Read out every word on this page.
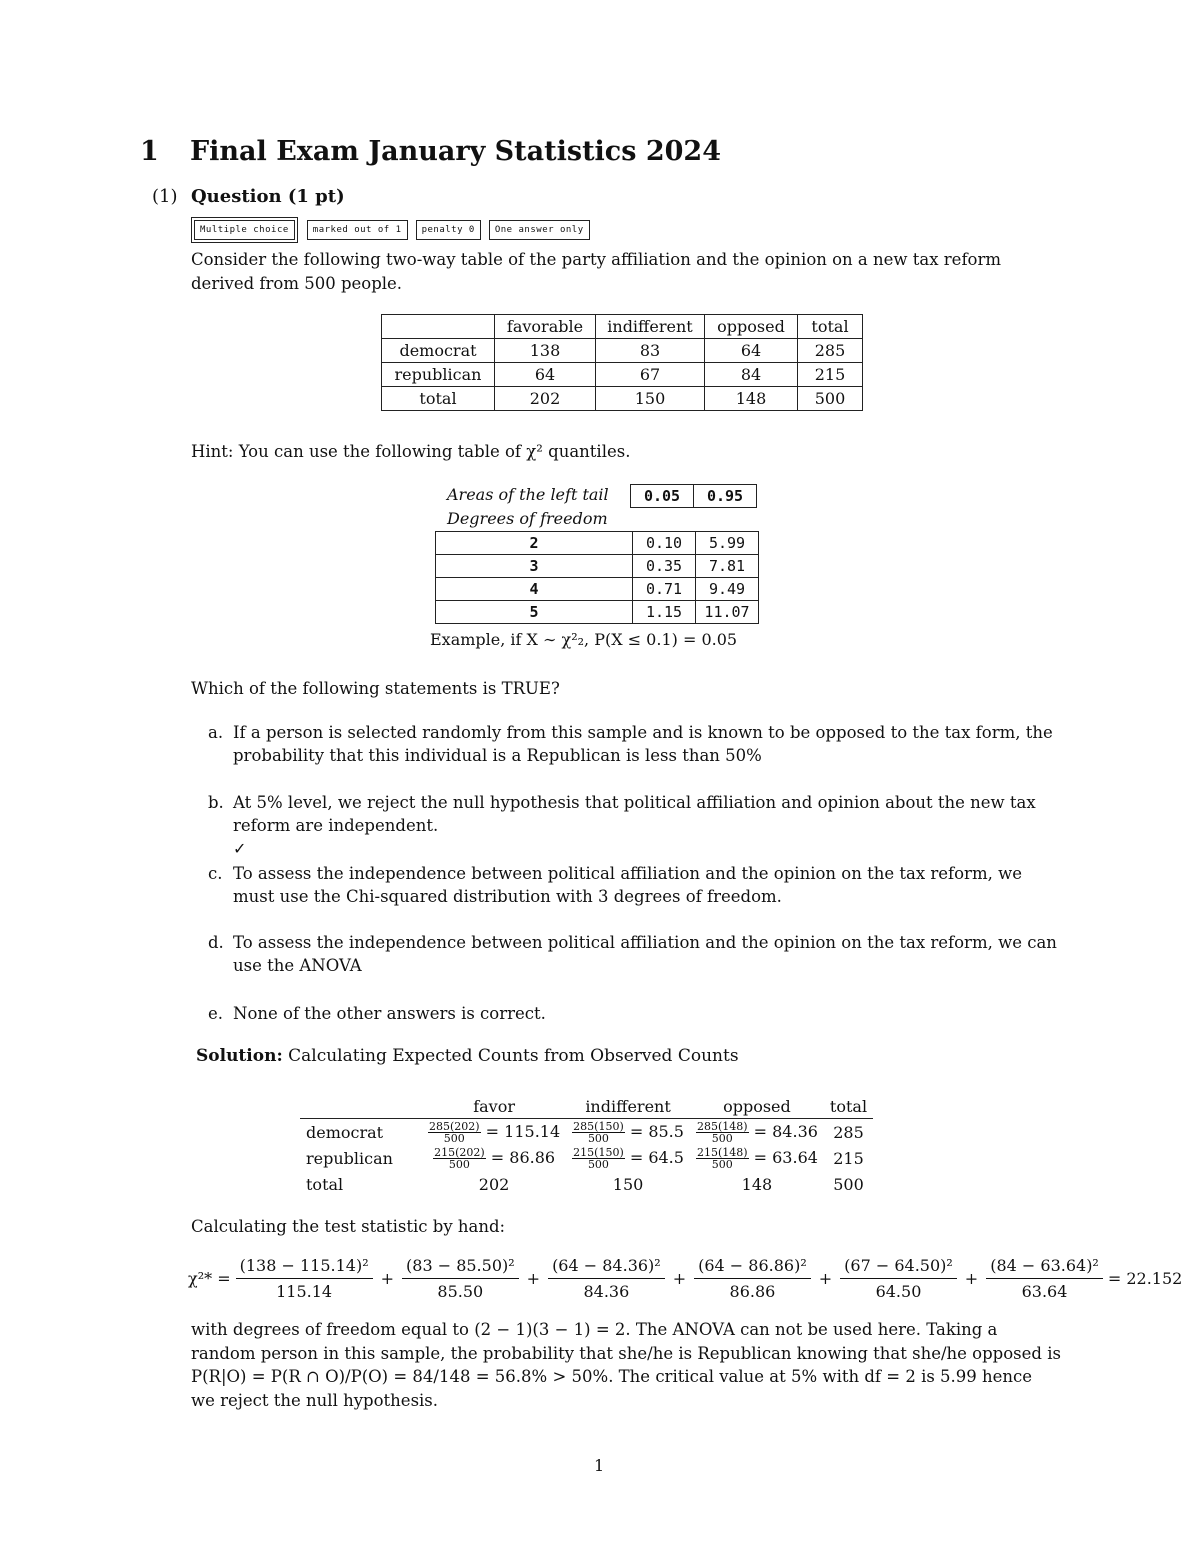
1 Final Exam January Statistics 2024
(1) Question (1 pt)
Multiple choice	marked out of 1	penalty 0	One answer only
Consider the following two-way table of the party affiliation and the opinion on a new tax reform derived from 500 people.
	favorable	indifferent	opposed	total
democrat	138	83	64	285
republican	64	67	84	215
total	202	150	148	500
Hint: You can use the following table of χ² quantiles.
Areas of the left tail
Degrees of freedom
0.05	0.95
2	0.10	5.99
3	0.35	7.81
4	0.71	9.49
5	1.15	11.07
Example, if X ∼ χ²₂, P(X ≤ 0.1) = 0.05
Which of the following statements is TRUE?
a. If a person is selected randomly from this sample and is known to be opposed to the tax form, the probability that this individual is a Republican is less than 50%
b. At 5% level, we reject the null hypothesis that political affiliation and opinion about the new tax reform are independent.
✓
c. To assess the independence between political affiliation and the opinion on the tax reform, we must use the Chi-squared distribution with 3 degrees of freedom.
d. To assess the independence between political affiliation and the opinion on the tax reform, we can use the ANOVA
e. None of the other answers is correct.
Solution: Calculating Expected Counts from Observed Counts
	favor	indifferent	opposed	total
democrat	$\frac{285(202)}{500} = 115.14$	$\frac{285(150)}{500} = 85.5$	$\frac{285(148)}{500} = 84.36$	285
republican	$\frac{215(202)}{500} = 86.86$	$\frac{215(150)}{500} = 64.5$	$\frac{215(148)}{500} = 63.64$	215
total	202	150	148	500
Calculating the test statistic by hand:
$\chi^2* = \frac{\text{(138 − 115.14)²}}{115.14} + \frac{\text{(83 − 85.50)²}}{85.50} + \frac{\text{(64 − 84.36)²}}{84.36} + \frac{\text{(64 − 86.86)²}}{86.86} + \frac{\text{(67 − 64.50)²}}{64.50} + \frac{\text{(84 − 63.64)²}}{63.64} = 22.152$
with degrees of freedom equal to (2 − 1)(3 − 1) = 2. The ANOVA can not be used here. Taking a random person in this sample, the probability that she/he is Republican knowing that she/he opposed is P(R|O) = P(R ∩ O)/P(O) = 84/148 = 56.8% > 50%. The critical value at 5% with df = 2 is 5.99 hence we reject the null hypothesis.
1
